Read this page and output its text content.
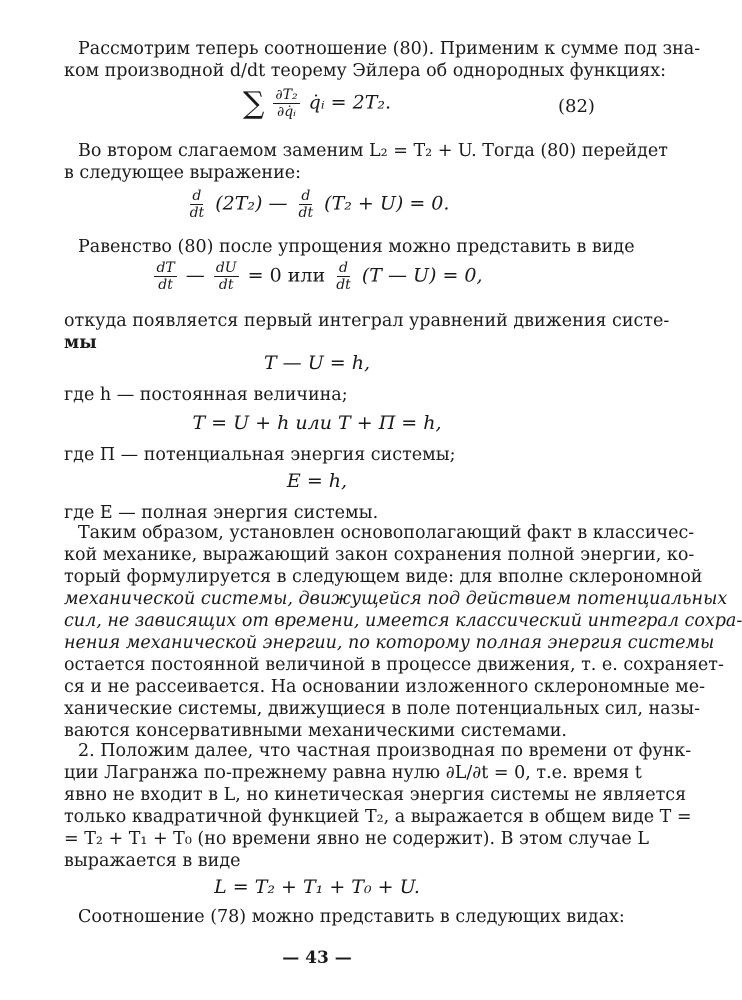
Рассмотрим теперь соотношение (80). Применим к сумме под зна-
ком производной d/dt теорему Эйлера об однородных функциях:
∑ $\frac{\text{∂T₂}}{\text{∂q̇ᵢ}}$ q̇ᵢ = 2T₂.	(82)
Во втором слагаемом заменим L₂ = T₂ + U. Тогда (80) перейдет
в следующее выражение:
$\frac{d}{dt} (2T_2)$ — $\frac{d}{dt} (T_2 + U) = 0$.
Равенство (80) после упрощения можно представить в виде
$\frac{dT}{dt}$ — $\frac{dU}{dt} = 0$ или $\frac{d}{dt} (T$ — U) = 0,
откуда появляется первый интеграл уравнений движения систе-
мы
T — U = h,
где h — постоянная величина;
T = U + h или T + П = h,
где П — потенциальная энергия системы;
E = h,
где E — полная энергия системы.
Таким образом, установлен основополагающий факт в классичес-
кой механике, выражающий закон сохранения полной энергии, ко-
торый формулируется в следующем виде: для вполне склерономной
механической системы, движущейся под действием потенциальных
сил, не зависящих от времени, имеется классический интеграл сохра-
нения механической энергии, по которому полная энергия системы
остается постоянной величиной в процессе движения, т. е. сохраняет-
ся и не рассеивается. На основании изложенного склерономные ме-
ханические системы, движущиеся в поле потенциальных сил, назы-
ваются консервативными механическими системами.
2. Положим далее, что частная производная по времени от функ-
ции Лагранжа по-прежнему равна нулю ∂L/∂t = 0, т.е. время t
явно не входит в L, но кинетическая энергия системы не является
только квадратичной функцией T₂, а выражается в общем виде T =
= T₂ + T₁ + T₀ (но времени явно не содержит). В этом случае L
выражается в виде
L = T₂ + T₁ + T₀ + U.
Соотношение (78) можно представить в следующих видах:
— 43 —
